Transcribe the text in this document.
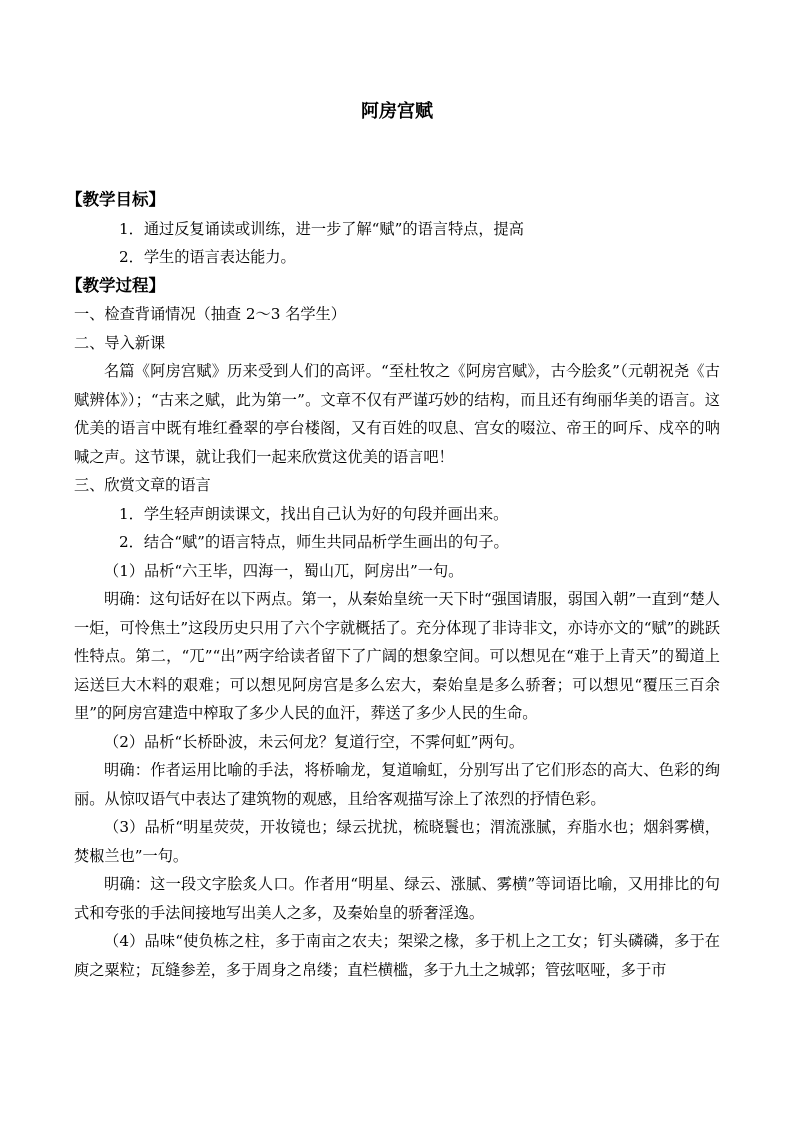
阿房宫赋

【教学目标】

1．通过反复诵读或训练，进一步了解“赋”的语言特点，提高

2．学生的语言表达能力。

【教学过程】

一、检查背诵情况（抽查 2～3 名学生）

二、导入新课

名篇《阿房宫赋》历来受到人们的高评。“至杜牧之《阿房宫赋》，古今脍炙”（元朝祝尧《古赋辨体》）；“古来之赋，此为第一”。文章不仅有严谨巧妙的结构，而且还有绚丽华美的语言。这优美的语言中既有堆红叠翠的亭台楼阁，又有百姓的叹息、宫女的啜泣、帝王的呵斥、戍卒的呐喊之声。这节课，就让我们一起来欣赏这优美的语言吧！

三、欣赏文章的语言

1．学生轻声朗读课文，找出自己认为好的句段并画出来。

2．结合“赋”的语言特点，师生共同品析学生画出的句子。

（1）品析“六王毕，四海一，蜀山兀，阿房出”一句。

明确：这句话好在以下两点。第一，从秦始皇统一天下时“强国请服，弱国入朝”一直到“楚人一炬，可怜焦土”这段历史只用了六个字就概括了。充分体现了非诗非文，亦诗亦文的“赋”的跳跃性特点。第二，“兀”“出”两字给读者留下了广阔的想象空间。可以想见在“难于上青天”的蜀道上运送巨大木料的艰难；可以想见阿房宫是多么宏大，秦始皇是多么骄奢；可以想见“覆压三百余里”的阿房宫建造中榨取了多少人民的血汗，葬送了多少人民的生命。

（2）品析“长桥卧波，未云何龙？复道行空，不霁何虹”两句。

明确：作者运用比喻的手法，将桥喻龙，复道喻虹，分别写出了它们形态的高大、色彩的绚丽。从惊叹语气中表达了建筑物的观感，且给客观描写涂上了浓烈的抒情色彩。

（3）品析“明星荧荧，开妆镜也；绿云扰扰，梳晓鬟也；渭流涨腻，弃脂水也；烟斜雾横，焚椒兰也”一句。

明确：这一段文字脍炙人口。作者用“明星、绿云、涨腻、雾横”等词语比喻，又用排比的句式和夸张的手法间接地写出美人之多，及秦始皇的骄奢淫逸。

（4）品味“使负栋之柱，多于南亩之农夫；架梁之椽，多于机上之工女；钉头磷磷，多于在庾之粟粒；瓦缝参差，多于周身之帛缕；直栏横槛，多于九土之城郭；管弦呕哑，多于市
